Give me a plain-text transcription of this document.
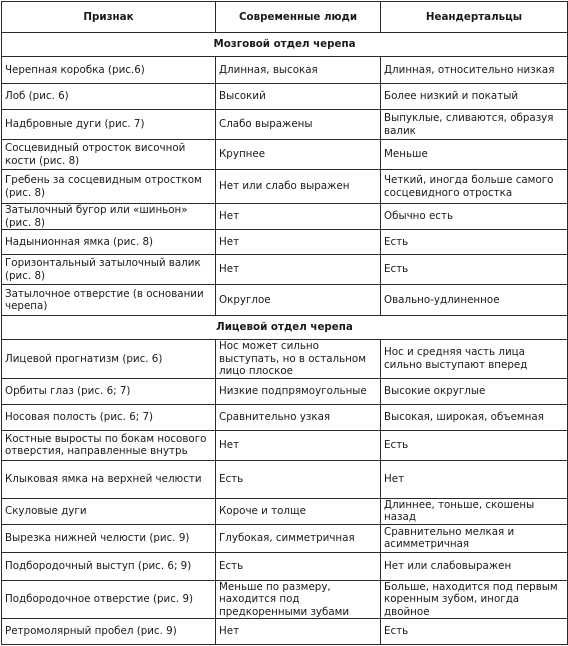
Признак	Современные люди	Неандертальцы
Мозговой отдел черепа		
Черепная коробка (рис.6)	Длинная, высокая	Длинная, относительно низкая
Лоб (рис. 6)	Высокий	Более низкий и покатый
Надбровные дуги (рис. 7)	Слабо выражены	Выпуклые, сливаются, образуя валик
Сосцевидный отросток височной кости (рис. 8)	Крупнее	Меньше
Гребень за сосцевидным отростком (рис. 8)	Нет или слабо выражен	Четкий, иногда больше самого сосцевидного отростка
Затылочный бугор или «шиньон» (рис. 8)	Нет	Обычно есть
Надынионная ямка (рис. 8)	Нет	Есть
Горизонтальный затылочный валик (рис. 8)	Нет	Есть
Затылочное отверстие (в основании черепа)	Округлое	Овально-удлиненное
Лицевой отдел черепа		
Лицевой прогнатизм (рис. 6)	Нос может сильно выступать, но в остальном лицо плоское	Нос и средняя часть лица сильно выступают вперед
Орбиты глаз (рис. 6; 7)	Низкие подпрямоугольные	Высокие округлые
Носовая полость (рис. 6; 7)	Сравнительно узкая	Высокая, широкая, объемная
Костные выросты по бокам носового отверстия, направленные внутрь	Нет	Есть
Клыковая ямка на верхней челюсти	Есть	Нет
Скуловые дуги	Короче и толще	Длиннее, тоньше, скошены назад
Вырезка нижней челюсти (рис. 9)	Глубокая, симметричная	Сравнительно мелкая и асимметричная
Подбородочный выступ (рис. 6; 9)	Есть	Нет или слабовыражен
Подбородочное отверстие (рис. 9)	Меньше по размеру, находится под предкоренными зубами	Больше, находится под первым коренным зубом, иногда двойное
Ретромолярный пробел (рис. 9)	Нет	Есть
